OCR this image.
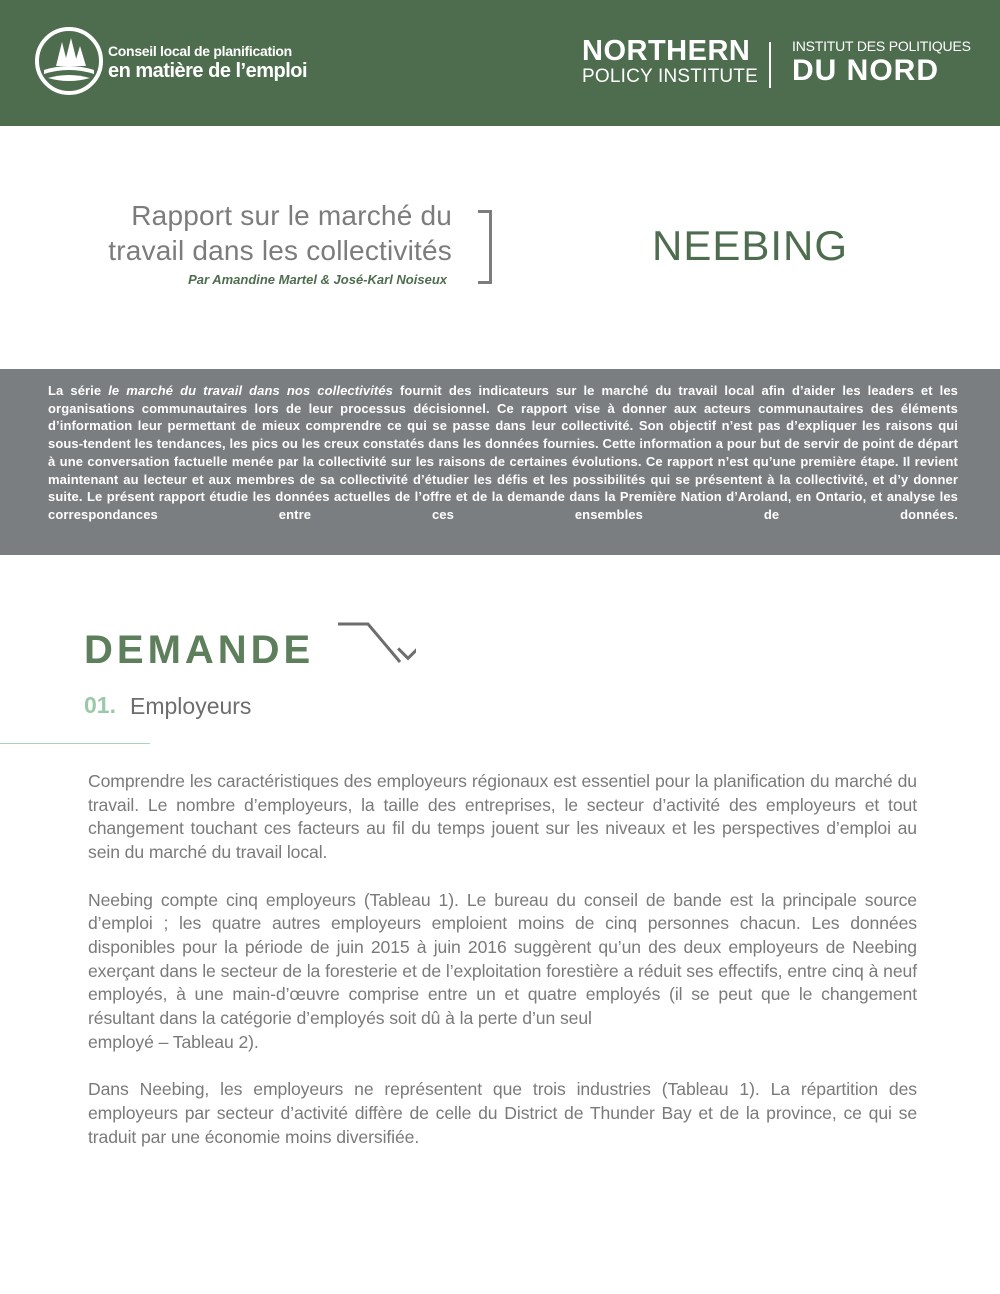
Conseil local de planification
en matière de l’emploi
NORTHERN
POLICY INSTITUTE
INSTITUT DES POLITIQUES
DU NORD
Rapport sur le marché du
travail dans les collectivités
Par Amandine Martel & José-Karl Noiseux
NEEBING

La série le marché du travail dans nos collectivités fournit des indicateurs sur le marché du travail local afin d’aider les leaders et les organisations communautaires lors de leur processus décisionnel. Ce rapport vise à donner aux acteurs communautaires des éléments d’information leur permettant de mieux comprendre ce qui se passe dans leur collectivité. Son objectif n’est pas d’expliquer les raisons qui sous-tendent les tendances, les pics ou les creux constatés dans les données fournies. Cette information a pour but de servir de point de départ à une conversation factuelle menée par la collectivité sur les raisons de certaines évolutions. Ce rapport n’est qu’une première étape. Il revient maintenant au lecteur et aux membres de sa collectivité d’étudier les défis et les possibilités qui se présentent à la collectivité, et d’y donner suite. Le présent rapport étudie les données actuelles de l’offre et de la demande dans la Première Nation d’Aroland, en Ontario, et analyse les correspondances entre ces ensembles de données.

DEMANDE
01. Employeurs

Comprendre les caractéristiques des employeurs régionaux est essentiel pour la planification du marché du travail. Le nombre d’employeurs, la taille des entreprises, le secteur d’activité des employeurs et tout changement touchant ces facteurs au fil du temps jouent sur les niveaux et les perspectives d’emploi au sein du marché du travail local.

Neebing compte cinq employeurs (Tableau 1). Le bureau du conseil de bande est la principale source d’emploi ; les quatre autres employeurs emploient moins de cinq personnes chacun. Les données disponibles pour la période de juin 2015 à juin 2016 suggèrent qu’un des deux employeurs de Neebing exerçant dans le secteur de la foresterie et de l’exploitation forestière a réduit ses effectifs, entre cinq à neuf employés, à une main-d’œuvre comprise entre un et quatre employés (il se peut que le changement résultant dans la catégorie d’employés soit dû à la perte d’un seul
employé – Tableau 2).

Dans Neebing, les employeurs ne représentent que trois industries (Tableau 1). La répartition des employeurs par secteur d’activité diffère de celle du District de Thunder Bay et de la province, ce qui se traduit par une économie moins diversifiée.
